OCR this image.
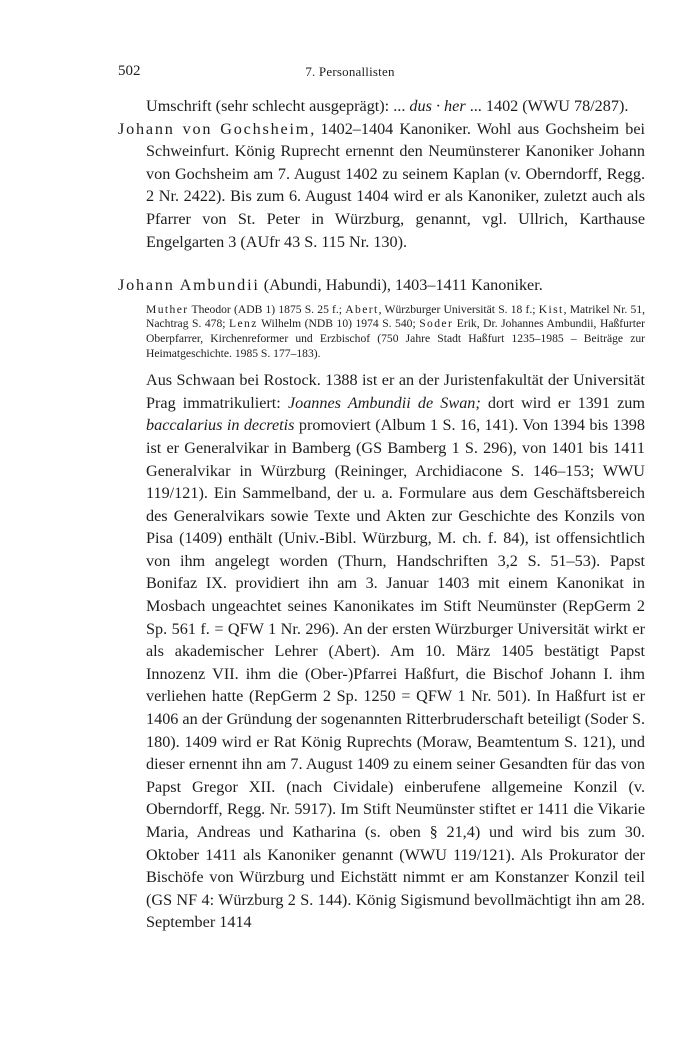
502	7. Personallisten

Umschrift (sehr schlecht ausgeprägt): ... dus · her ... 1402 (WWU 78/287).

Johann von Gochsheim, 1402–1404 Kanoniker. Wohl aus Gochsheim bei Schweinfurt. König Ruprecht ernennt den Neumünsterer Kanoniker Johann von Gochsheim am 7. August 1402 zu seinem Kaplan (v. Oberndorff, Regg. 2 Nr. 2422). Bis zum 6. August 1404 wird er als Kanoniker, zuletzt auch als Pfarrer von St. Peter in Würzburg, genannt, vgl. Ullrich, Karthause Engelgarten 3 (AUfr 43 S. 115 Nr. 130).

Johann Ambundii (Abundi, Habundi), 1403–1411 Kanoniker.

Muther Theodor (ADB 1) 1875 S. 25 f.; Abert, Würzburger Universität S. 18 f.; Kist, Matrikel Nr. 51, Nachtrag S. 478; Lenz Wilhelm (NDB 10) 1974 S. 540; Soder Erik, Dr. Johannes Ambundii, Haßfurter Oberpfarrer, Kirchenreformer und Erzbischof (750 Jahre Stadt Haßfurt 1235–1985 – Beiträge zur Heimatgeschichte. 1985 S. 177–183).

Aus Schwaan bei Rostock. 1388 ist er an der Juristenfakultät der Universität Prag immatrikuliert: Joannes Ambundii de Swan; dort wird er 1391 zum baccalarius in decretis promoviert (Album 1 S. 16, 141). Von 1394 bis 1398 ist er Generalvikar in Bamberg (GS Bamberg 1 S. 296), von 1401 bis 1411 Generalvikar in Würzburg (Reininger, Archidiacone S. 146–153; WWU 119/121). Ein Sammelband, der u. a. Formulare aus dem Geschäftsbereich des Generalvikars sowie Texte und Akten zur Geschichte des Konzils von Pisa (1409) enthält (Univ.-Bibl. Würzburg, M. ch. f. 84), ist offensichtlich von ihm angelegt worden (Thurn, Handschriften 3,2 S. 51–53). Papst Bonifaz IX. providiert ihn am 3. Januar 1403 mit einem Kanonikat in Mosbach ungeachtet seines Kanonikates im Stift Neumünster (RepGerm 2 Sp. 561 f. = QFW 1 Nr. 296). An der ersten Würzburger Universität wirkt er als akademischer Lehrer (Abert). Am 10. März 1405 bestätigt Papst Innozenz VII. ihm die (Ober-)Pfarrei Haßfurt, die Bischof Johann I. ihm verliehen hatte (RepGerm 2 Sp. 1250 = QFW 1 Nr. 501). In Haßfurt ist er 1406 an der Gründung der sogenannten Ritterbruderschaft beteiligt (Soder S. 180). 1409 wird er Rat König Ruprechts (Moraw, Beamtentum S. 121), und dieser ernennt ihn am 7. August 1409 zu einem seiner Gesandten für das von Papst Gregor XII. (nach Cividale) einberufene allgemeine Konzil (v. Oberndorff, Regg. Nr. 5917). Im Stift Neumünster stiftet er 1411 die Vikarie Maria, Andreas und Katharina (s. oben § 21,4) und wird bis zum 30. Oktober 1411 als Kanoniker genannt (WWU 119/121). Als Prokurator der Bischöfe von Würzburg und Eichstätt nimmt er am Konstanzer Konzil teil (GS NF 4: Würzburg 2 S. 144). König Sigismund bevollmächtigt ihn am 28. September 1414
